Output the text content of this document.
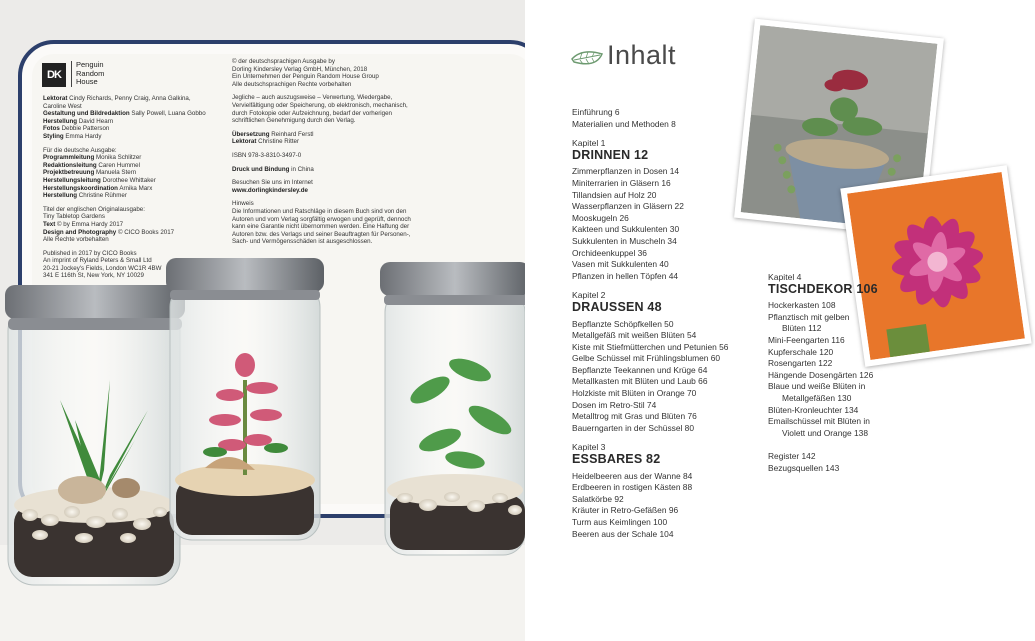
DK
Penguin
Random
House

Lektorat Cindy Richards, Penny Craig, Anna Galkina,

Caroline West

Gestaltung und Bildredaktion Sally Powell, Luana Gobbo

Herstellung David Hearn

Fotos Debbie Patterson

Styling Emma Hardy

Für die deutsche Ausgabe:

Programmleitung Monika Schlitzer

Redaktionsleitung Caren Hummel

Projektbetreuung Manuela Stern

Herstellungsleitung Dorothee Whittaker

Herstellungskoordination Arnika Marx

Herstellung Christine Rühmer

Titel der englischen Originalausgabe:

Tiny Tabletop Gardens

Text © by Emma Hardy 2017

Design and Photography © CICO Books 2017

Alle Rechte vorbehalten

Published in 2017 by CICO Books

An imprint of Ryland Peters & Small Ltd

20-21 Jockey's Fields, London WC1R 4BW

341 E 116th St, New York, NY 10029

© der deutschsprachigen Ausgabe by

Dorling Kindersley Verlag GmbH, München, 2018

Ein Unternehmen der Penguin Random House Group

Alle deutschsprachigen Rechte vorbehalten

Jegliche – auch auszugsweise – Verwertung, Wiedergabe,

Vervielfältigung oder Speicherung, ob elektronisch, mechanisch,

durch Fotokopie oder Aufzeichnung, bedarf der vorherigen

schriftlichen Genehmigung durch den Verlag.

Übersetzung Reinhard Ferstl

Lektorat Christine Ritter

ISBN 978-3-8310-3497-0

Druck und Bindung in China

Besuchen Sie uns im Internet

www.dorlingkindersley.de

Hinweis

Die Informationen und Ratschläge in diesem Buch sind von den

Autoren und vom Verlag sorgfältig erwogen und geprüft, dennoch

kann eine Garantie nicht übernommen werden. Eine Haftung der

Autoren bzw. des Verlags und seiner Beauftragten für Personen-,

Sach- und Vermögensschäden ist ausgeschlossen.

Inhalt
Einführung 6
Materialien und Methoden 8
Kapitel 1
DRINNEN 12
Zimmerpflanzen in Dosen 14
Miniterrarien in Gläsern 16
Tillandsien auf Holz 20
Wasserpflanzen in Gläsern 22
Mooskugeln 26
Kakteen und Sukkulenten 30
Sukkulenten in Muscheln 34
Orchideenkuppel 36
Vasen mit Sukkulenten 40
Pflanzen in hellen Töpfen 44
Kapitel 2
DRAUSSEN 48
Bepflanzte Schöpfkellen 50
Metallgefäß mit weißen Blüten 54
Kiste mit Stiefmütterchen und Petunien 56
Gelbe Schüssel mit Frühlingsblumen 60
Bepflanzte Teekannen und Krüge 64
Metallkasten mit Blüten und Laub 66
Holzkiste mit Blüten in Orange 70
Dosen im Retro-Stil 74
Metalltrog mit Gras und Blüten 76
Bauerngarten in der Schüssel 80
Kapitel 3
ESSBARES 82
Heidelbeeren aus der Wanne 84
Erdbeeren in rostigen Kästen 88
Salatkörbe 92
Kräuter in Retro-Gefäßen 96
Turm aus Keimlingen 100
Beeren aus der Schale 104
Kapitel 4
TISCHDEKOR 106
Hockerkasten 108
Pflanztisch mit gelben
Blüten 112
Mini-Feengarten 116
Kupferschale 120
Rosengarten 122
Hängende Dosengärten 126
Blaue und weiße Blüten in
Metallgefäßen 130
Blüten-Kronleuchter 134
Emailschüssel mit Blüten in
Violett und Orange 138
Register 142
Bezugsquellen 143
